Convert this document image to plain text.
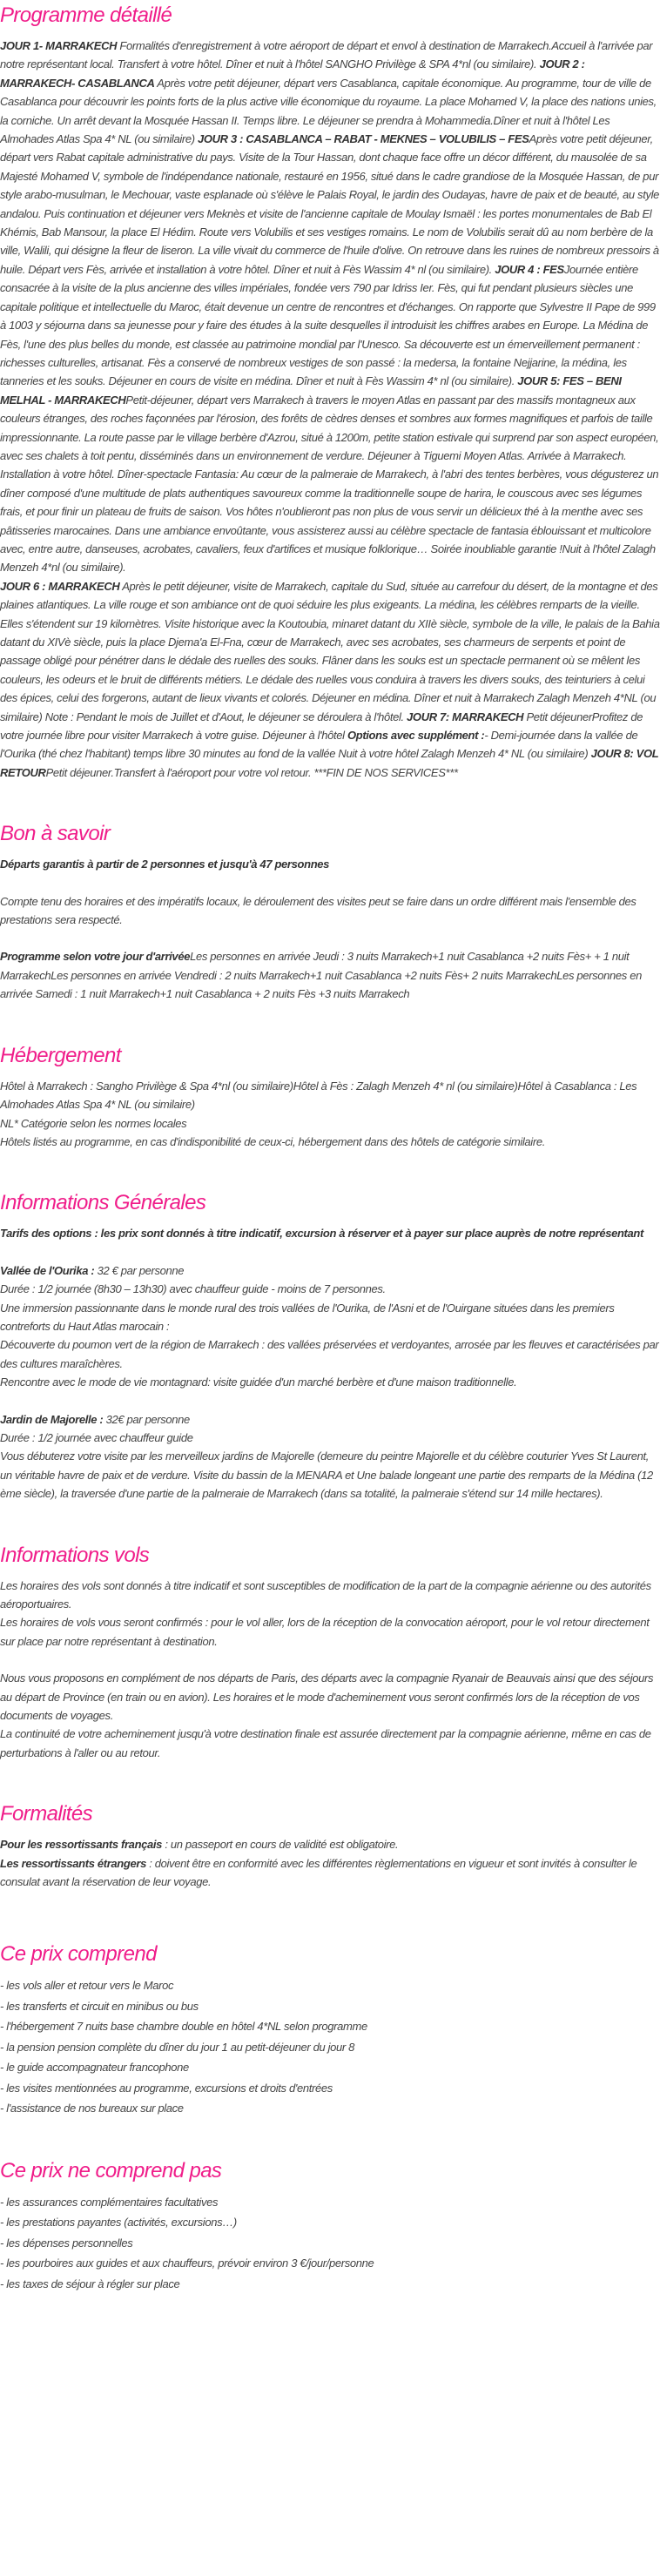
Programme détaillé

JOUR 1- MARRAKECH Formalités d'enregistrement à votre aéroport de départ et envol à destination de Marrakech.Accueil à l'arrivée par notre représentant local. Transfert à votre hôtel. Dîner et nuit à l'hôtel SANGHO Privilège & SPA 4*nl (ou similaire). JOUR 2 : MARRAKECH- CASABLANCA Après votre petit déjeuner, départ vers Casablanca, capitale économique. Au programme, tour de ville de Casablanca pour découvrir les points forts de la plus active ville économique du royaume. La place Mohamed V, la place des nations unies, la corniche. Un arrêt devant la Mosquée Hassan II. Temps libre. Le déjeuner se prendra à Mohammedia.Dîner et nuit à l'hôtel Les Almohades Atlas Spa 4* NL (ou similaire) JOUR 3 : CASABLANCA – RABAT - MEKNES – VOLUBILIS – FESAprès votre petit déjeuner, départ vers Rabat capitale administrative du pays. Visite de la Tour Hassan, dont chaque face offre un décor différent, du mausolée de sa Majesté Mohamed V, symbole de l'indépendance nationale, restauré en 1956, situé dans le cadre grandiose de la Mosquée Hassan, de pur style arabo-musulman, le Mechouar, vaste esplanade où s'élève le Palais Royal, le jardin des Oudayas, havre de paix et de beauté, au style andalou. Puis continuation et déjeuner vers Meknès et visite de l'ancienne capitale de Moulay Ismaël : les portes monumentales de Bab El Khémis, Bab Mansour, la place El Hédim. Route vers Volubilis et ses vestiges romains. Le nom de Volubilis serait dû au nom berbère de la ville, Walili, qui désigne la fleur de liseron. La ville vivait du commerce de l'huile d'olive. On retrouve dans les ruines de nombreux pressoirs à huile. Départ vers Fès, arrivée et installation à votre hôtel. Dîner et nuit à Fès Wassim 4* nl (ou similaire). JOUR 4 : FESJournée entière consacrée à la visite de la plus ancienne des villes impériales, fondée vers 790 par Idriss Ier. Fès, qui fut pendant plusieurs siècles une capitale politique et intellectuelle du Maroc, était devenue un centre de rencontres et d'échanges. On rapporte que Sylvestre II Pape de 999 à 1003 y séjourna dans sa jeunesse pour y faire des études à la suite desquelles il introduisit les chiffres arabes en Europe. La Médina de Fès, l'une des plus belles du monde, est classée au patrimoine mondial par l'Unesco. Sa découverte est un émerveillement permanent : richesses culturelles, artisanat. Fès a conservé de nombreux vestiges de son passé : la medersa, la fontaine Nejjarine, la médina, les tanneries et les souks. Déjeuner en cours de visite en médina. Dîner et nuit à Fès Wassim 4* nl (ou similaire). JOUR 5: FES – BENI MELHAL - MARRAKECHPetit-déjeuner, départ vers Marrakech à travers le moyen Atlas en passant par des massifs montagneux aux couleurs étranges, des roches façonnées par l'érosion, des forêts de cèdres denses et sombres aux formes magnifiques et parfois de taille impressionnante. La route passe par le village berbère d'Azrou, situé à 1200m, petite station estivale qui surprend par son aspect européen, avec ses chalets à toit pentu, disséminés dans un environnement de verdure. Déjeuner à Tiguemi Moyen Atlas. Arrivée à Marrakech. Installation à votre hôtel. Dîner-spectacle Fantasia: Au cœur de la palmeraie de Marrakech, à l'abri des tentes berbères, vous dégusterez un dîner composé d'une multitude de plats authentiques savoureux comme la traditionnelle soupe de harira, le couscous avec ses légumes frais, et pour finir un plateau de fruits de saison. Vos hôtes n'oublieront pas non plus de vous servir un délicieux thé à la menthe avec ses pâtisseries marocaines. Dans une ambiance envoûtante, vous assisterez aussi au célèbre spectacle de fantasia éblouissant et multicolore avec, entre autre, danseuses, acrobates, cavaliers, feux d'artifices et musique folklorique… Soirée inoubliable garantie !Nuit à l'hôtel Zalagh Menzeh 4*nl (ou similaire).

JOUR 6 : MARRAKECH Après le petit déjeuner, visite de Marrakech, capitale du Sud, située au carrefour du désert, de la montagne et des plaines atlantiques. La ville rouge et son ambiance ont de quoi séduire les plus exigeants. La médina, les célèbres remparts de la vieille. Elles s'étendent sur 19 kilomètres. Visite historique avec la Koutoubia, minaret datant du XIIè siècle, symbole de la ville, le palais de la Bahia datant du XIVè siècle, puis la place Djema'a El-Fna, cœur de Marrakech, avec ses acrobates, ses charmeurs de serpents et point de passage obligé pour pénétrer dans le dédale des ruelles des souks. Flâner dans les souks est un spectacle permanent où se mêlent les couleurs, les odeurs et le bruit de différents métiers. Le dédale des ruelles vous conduira à travers les divers souks, des teinturiers à celui des épices, celui des forgerons, autant de lieux vivants et colorés. Déjeuner en médina. Dîner et nuit à Marrakech Zalagh Menzeh 4*NL (ou similaire) Note : Pendant le mois de Juillet et d'Aout, le déjeuner se déroulera à l'hôtel. JOUR 7: MARRAKECH Petit déjeunerProfitez de votre journée libre pour visiter Marrakech à votre guise. Déjeuner à l'hôtel Options avec supplément :- Demi-journée dans la vallée de l'Ourika (thé chez l'habitant) temps libre 30 minutes au fond de la vallée Nuit à votre hôtel Zalagh Menzeh 4* NL (ou similaire) JOUR 8: VOL RETOURPetit déjeuner.Transfert à l'aéroport pour votre vol retour. ***FIN DE NOS SERVICES***

Bon à savoir

Départs garantis à partir de 2 personnes et jusqu'à 47 personnes

Compte tenu des horaires et des impératifs locaux, le déroulement des visites peut se faire dans un ordre différent mais l'ensemble des prestations sera respecté.

Programme selon votre jour d'arrivéeLes personnes en arrivée Jeudi : 3 nuits Marrakech+1 nuit Casablanca +2 nuits Fès+ + 1 nuit MarrakechLes personnes en arrivée Vendredi : 2 nuits Marrakech+1 nuit Casablanca +2 nuits Fès+ 2 nuits MarrakechLes personnes en arrivée Samedi : 1 nuit Marrakech+1 nuit Casablanca + 2 nuits Fès +3 nuits Marrakech

Hébergement

Hôtel à Marrakech : Sangho Privilège & Spa 4*nl (ou similaire)Hôtel à Fès : Zalagh Menzeh 4* nl (ou similaire)Hôtel à Casablanca : Les Almohades Atlas Spa 4* NL (ou similaire)

NL* Catégorie selon les normes locales

Hôtels listés au programme, en cas d'indisponibilité de ceux-ci, hébergement dans des hôtels de catégorie similaire.

Informations Générales

Tarifs des options : les prix sont donnés à titre indicatif, excursion à réserver et à payer sur place auprès de notre représentant

Vallée de l'Ourika : 32 € par personne

Durée : 1/2 journée (8h30 – 13h30) avec chauffeur guide - moins de 7 personnes.

Une immersion passionnante dans le monde rural des trois vallées de l'Ourika, de l'Asni et de l'Ouirgane situées dans les premiers contreforts du Haut Atlas marocain :

Découverte du poumon vert de la région de Marrakech : des vallées préservées et verdoyantes, arrosée par les fleuves et caractérisées par des cultures maraîchères.

Rencontre avec le mode de vie montagnard: visite guidée d'un marché berbère et d'une maison traditionnelle.

Jardin de Majorelle : 32€ par personne

Durée : 1/2 journée avec chauffeur guide

Vous débuterez votre visite par les merveilleux jardins de Majorelle (demeure du peintre Majorelle et du célèbre couturier Yves St Laurent, un véritable havre de paix et de verdure. Visite du bassin de la MENARA et Une balade longeant une partie des remparts de la Médina (12 ème siècle), la traversée d'une partie de la palmeraie de Marrakech (dans sa totalité, la palmeraie s'étend sur 14 mille hectares).

Informations vols

Les horaires des vols sont donnés à titre indicatif et sont susceptibles de modification de la part de la compagnie aérienne ou des autorités aéroportuaires.

Les horaires de vols vous seront confirmés : pour le vol aller, lors de la réception de la convocation aéroport, pour le vol retour directement sur place par notre représentant à destination.

Nous vous proposons en complément de nos départs de Paris, des départs avec la compagnie Ryanair de Beauvais ainsi que des séjours au départ de Province (en train ou en avion). Les horaires et le mode d'acheminement vous seront confirmés lors de la réception de vos documents de voyages.

La continuité de votre acheminement jusqu'à votre destination finale est assurée directement par la compagnie aérienne, même en cas de perturbations à l'aller ou au retour.

Formalités

Pour les ressortissants français : un passeport en cours de validité est obligatoire.

Les ressortissants étrangers : doivent être en conformité avec les différentes règlementations en vigueur et sont invités à consulter le consulat avant la réservation de leur voyage.

Ce prix comprend
- les vols aller et retour vers le Maroc
- les transferts et circuit en minibus ou bus
- l'hébergement 7 nuits base chambre double en hôtel 4*NL selon programme
- la pension pension complète du dîner du jour 1 au petit-déjeuner du jour 8
- le guide accompagnateur francophone
- les visites mentionnées au programme, excursions et droits d'entrées
- l'assistance de nos bureaux sur place
Ce prix ne comprend pas
- les assurances complémentaires facultatives
- les prestations payantes (activités, excursions…)
- les dépenses personnelles
- les pourboires aux guides et aux chauffeurs, prévoir environ 3 €/jour/personne
- les taxes de séjour à régler sur place
